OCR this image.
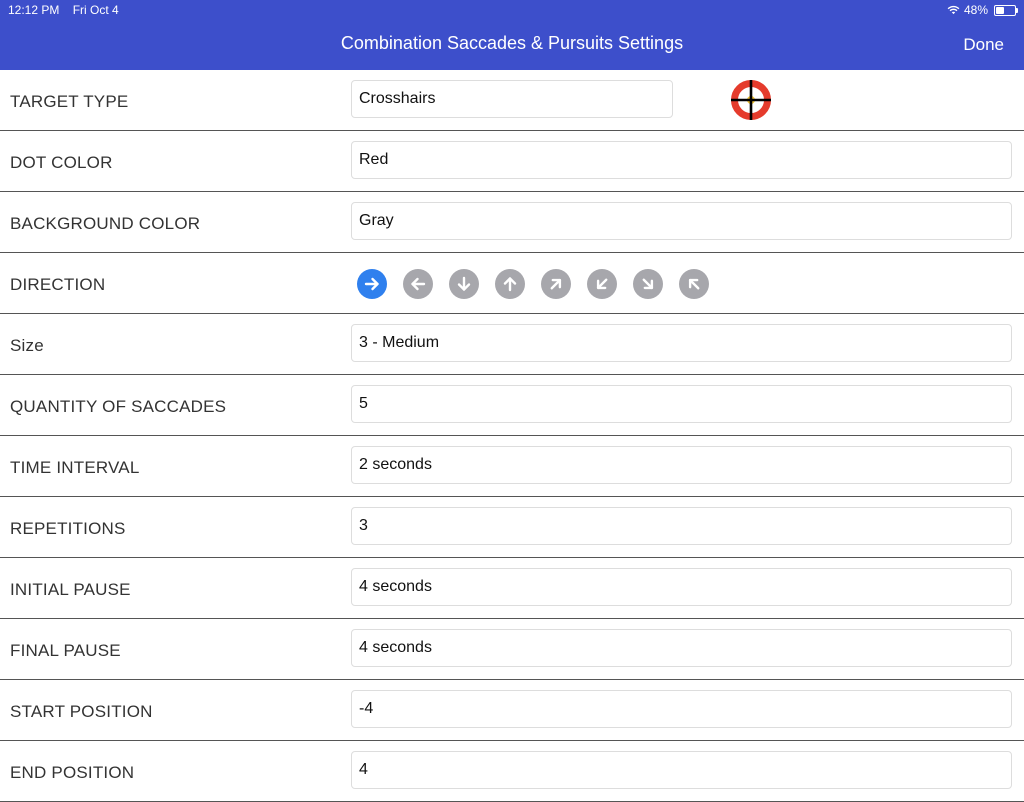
12:12 PM Fri Oct 4	48%
Combination Saccades & Pursuits Settings	Done
TARGET TYPE	Crosshairs
DOT COLOR	Red
BACKGROUND COLOR	Gray
DIRECTION
Size	3 - Medium
QUANTITY OF SACCADES	5
TIME INTERVAL	2 seconds
REPETITIONS	3
INITIAL PAUSE	4 seconds
FINAL PAUSE	4 seconds
START POSITION	-4
END POSITION	4
